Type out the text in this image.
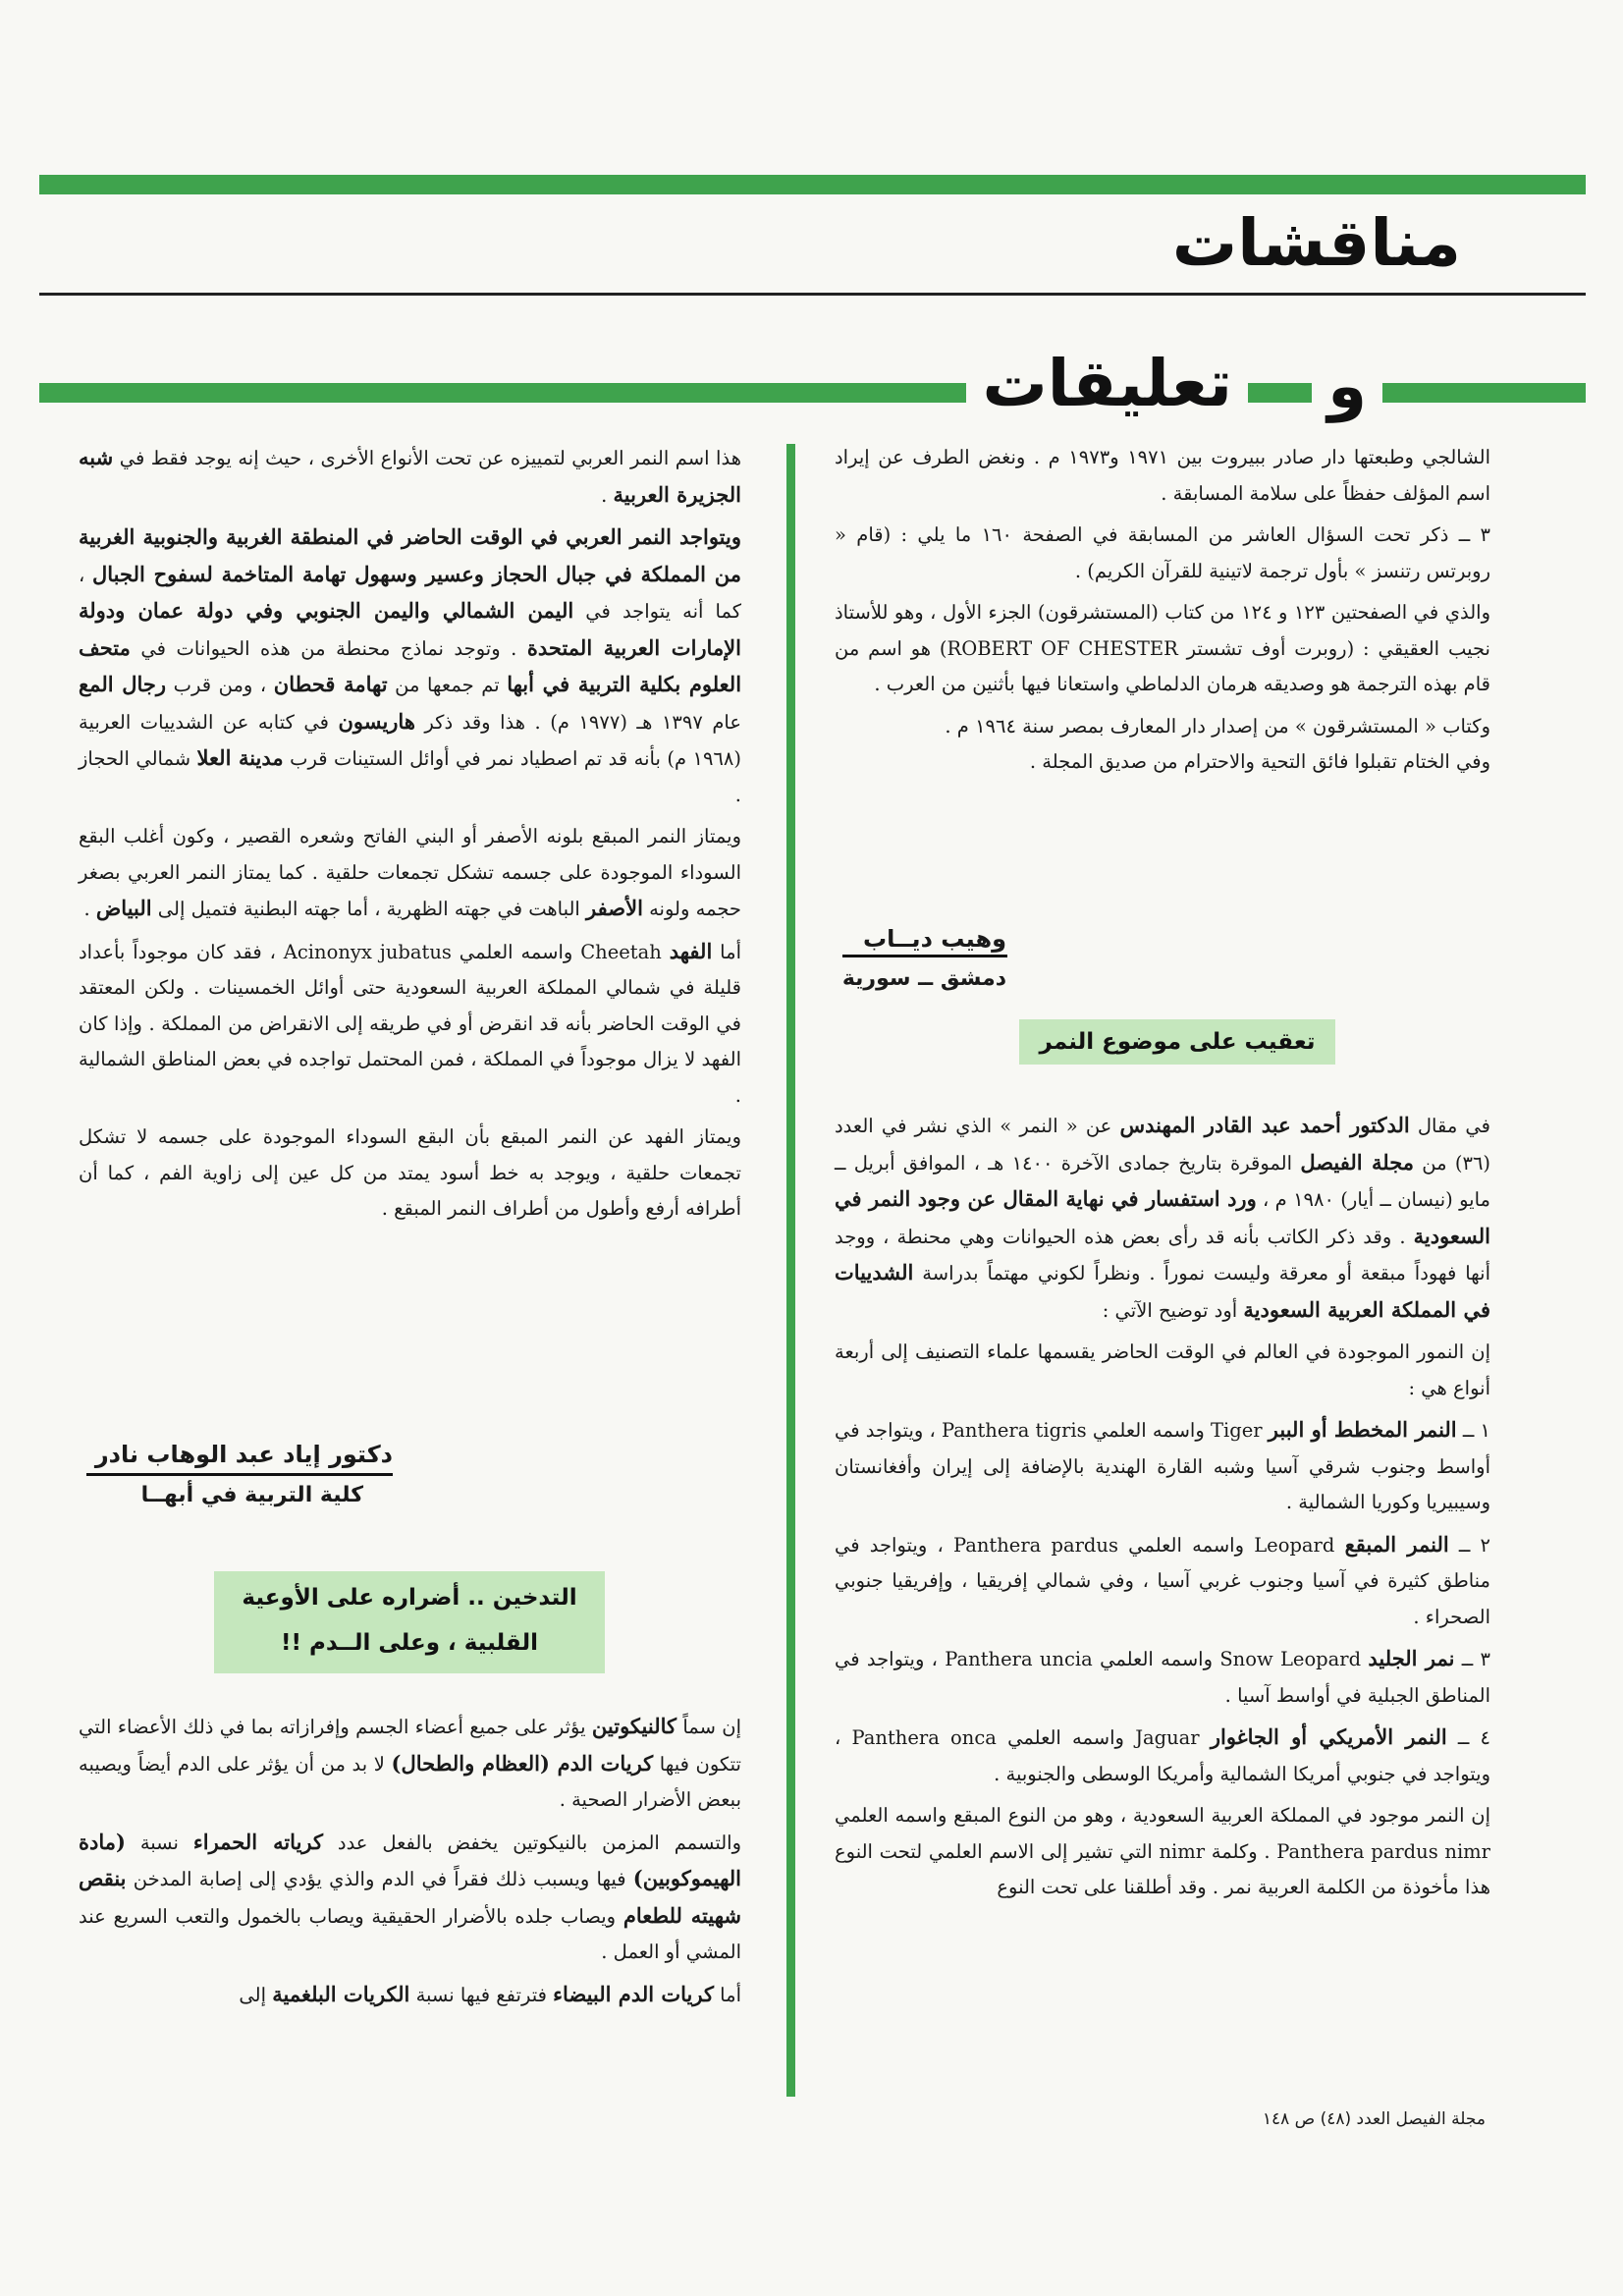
مناقشات
و
تعليقات

الشالجي وطبعتها دار صادر ببيروت بين ١٩٧١ و١٩٧٣ م . ونغض الطرف عن إيراد اسم المؤلف حفظاً على سلامة المسابقة .

٣ ــ ذكر تحت السؤال العاشر من المسابقة في الصفحة ١٦٠ ما يلي : (قام « روبرتس رتنسز » بأول ترجمة لاتينية للقرآن الكريم) .

والذي في الصفحتين ١٢٣ و ١٢٤ من كتاب (المستشرقون) الجزء الأول ، وهو للأستاذ نجيب العقيقي : (روبرت أوف تشستر ROBERT OF CHESTER) هو اسم من قام بهذه الترجمة هو وصديقه هرمان الدلماطي واستعانا فيها بأثنين من العرب .

وكتاب « المستشرقون » من إصدار دار المعارف بمصر سنة ١٩٦٤ م .

وفي الختام تقبلوا فائق التحية والاحترام من صديق المجلة .

وهيب ديــاب
دمشق ــ سورية
تعقيب على موضوع النمر

في مقال الدكتور أحمد عبد القادر المهندس عن « النمر » الذي نشر في العدد (٣٦) من مجلة الفيصل الموقرة بتاريخ جمادى الآخرة ١٤٠٠ هـ ، الموافق أبريل ــ مايو (نيسان ــ أيار) ١٩٨٠ م ، ورد استفسار في نهاية المقال عن وجود النمر في السعودية . وقد ذكر الكاتب بأنه قد رأى بعض هذه الحيوانات وهي محنطة ، ووجد أنها فهوداً مبقعة أو معرقة وليست نموراً . ونظراً لكوني مهتماً بدراسة الشدييات في المملكة العربية السعودية أود توضيح الآتي :

إن النمور الموجودة في العالم في الوقت الحاضر يقسمها علماء التصنيف إلى أربعة أنواع هي :

١ ــ النمر المخطط أو الببر Tiger واسمه العلمي Panthera tigris ، ويتواجد في أواسط وجنوب شرقي آسيا وشبه القارة الهندية بالإضافة إلى إيران وأفغانستان وسيبيريا وكوريا الشمالية .

٢ ــ النمر المبقع Leopard واسمه العلمي Panthera pardus ، ويتواجد في مناطق كثيرة في آسيا وجنوب غربي آسيا ، وفي شمالي إفريقيا ، وإفريقيا جنوبي الصحراء .

٣ ــ نمر الجليد Snow Leopard واسمه العلمي Panthera uncia ، ويتواجد في المناطق الجبلية في أواسط آسيا .

٤ ــ النمر الأمريكي أو الجاغوار Jaguar واسمه العلمي Panthera onca ، ويتواجد في جنوبي أمريكا الشمالية وأمريكا الوسطى والجنوبية .

إن النمر موجود في المملكة العربية السعودية ، وهو من النوع المبقع واسمه العلمي Panthera pardus nimr . وكلمة nimr التي تشير إلى الاسم العلمي لتحت النوع هذا مأخوذة من الكلمة العربية نمر . وقد أطلقنا على تحت النوع

هذا اسم النمر العربي لتمييزه عن تحت الأنواع الأخرى ، حيث إنه يوجد فقط في شبه الجزيرة العربية .

ويتواجد النمر العربي في الوقت الحاضر في المنطقة الغربية والجنوبية الغربية من المملكة في جبال الحجاز وعسير وسهول تهامة المتاخمة لسفوح الجبال ، كما أنه يتواجد في اليمن الشمالي واليمن الجنوبي وفي دولة عمان ودولة الإمارات العربية المتحدة . وتوجد نماذج محنطة من هذه الحيوانات في متحف العلوم بكلية التربية في أبها تم جمعها من تهامة قحطان ، ومن قرب رجال المع عام ١٣٩٧ هـ (١٩٧٧ م) . هذا وقد ذكر هاريسون في كتابه عن الشدييات العربية (١٩٦٨ م) بأنه قد تم اصطياد نمر في أوائل الستينات قرب مدينة العلا شمالي الحجاز .

ويمتاز النمر المبقع بلونه الأصفر أو البني الفاتح وشعره القصير ، وكون أغلب البقع السوداء الموجودة على جسمه تشكل تجمعات حلقية . كما يمتاز النمر العربي بصغر حجمه ولونه الأصفر الباهت في جهته الظهرية ، أما جهته البطنية فتميل إلى البياض .

أما الفهد Cheetah واسمه العلمي Acinonyx jubatus ، فقد كان موجوداً بأعداد قليلة في شمالي المملكة العربية السعودية حتى أوائل الخمسينات . ولكن المعتقد في الوقت الحاضر بأنه قد انقرض أو في طريقه إلى الانقراض من المملكة . وإذا كان الفهد لا يزال موجوداً في المملكة ، فمن المحتمل تواجده في بعض المناطق الشمالية .

ويمتاز الفهد عن النمر المبقع بأن البقع السوداء الموجودة على جسمه لا تشكل تجمعات حلقية ، ويوجد به خط أسود يمتد من كل عين إلى زاوية الفم ، كما أن أطرافه أرفع وأطول من أطراف النمر المبقع .

دكتور إياد عبد الوهاب نادر
كلية التربية في أبهــا
التدخين .. أضراره على الأوعية
القلبية ، وعلى الــدم !!

إن سماً كالنيكوتين يؤثر على جميع أعضاء الجسم وإفرازاته بما في ذلك الأعضاء التي تتكون فيها كريات الدم (العظام والطحال) لا بد من أن يؤثر على الدم أيضاً ويصيبه ببعض الأضرار الصحية .

والتسمم المزمن بالنيكوتين يخفض بالفعل عدد كرياته الحمراء نسبة (مادة الهيموكوبين) فيها ويسبب ذلك فقراً في الدم والذي يؤدي إلى إصابة المدخن بنقص شهيته للطعام ويصاب جلده بالأضرار الحقيقية ويصاب بالخمول والتعب السريع عند المشي أو العمل .

أما كريات الدم البيضاء فترتفع فيها نسبة الكريات البلغمية إلى

مجلة الفيصل العدد (٤٨) ص ١٤٨
